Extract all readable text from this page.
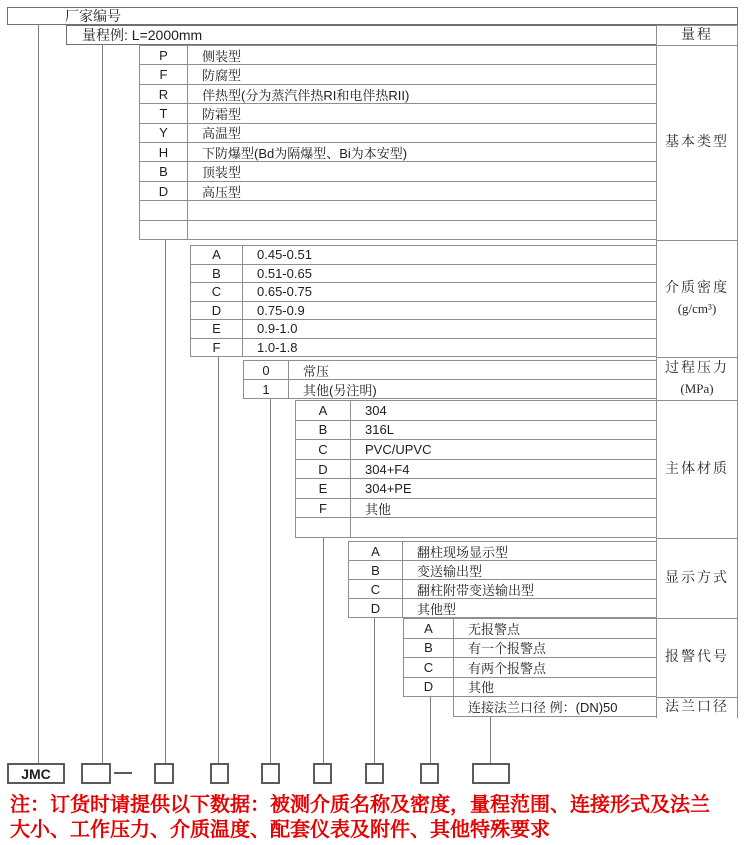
厂家编号
量程例: L=2000mm
P	侧装型
F	防腐型
R	伴热型(分为蒸汽伴热RI和电伴热RII)
T	防霜型
Y	高温型
H	下防爆型(Bd为隔爆型、Bi为本安型)
B	顶装型
D	高压型
A	0.45-0.51
B	0.51-0.65
C	0.65-0.75
D	0.75-0.9
E	0.9-1.0
F	1.0-1.8
0	常压
1	其他(另注明)
A	304
B	316L
C	PVC/UPVC
D	304+F4
E	304+PE
F	其他
A	翻柱现场显示型
B	变送输出型
C	翻柱附带变送输出型
D	其他型
A	无报警点
B	有一个报警点
C	有两个报警点
D	其他
连接法兰口径 例：(DN)50
量程
基本类型
介质密度
(g/cm³)
过程压力
(MPa)
主体材质
显示方式
报警代号
法兰口径
JMC
注：订货时请提供以下数据：被测介质名称及密度，量程范围、连接形式及法兰
大小、工作压力、介质温度、配套仪表及附件、其他特殊要求
